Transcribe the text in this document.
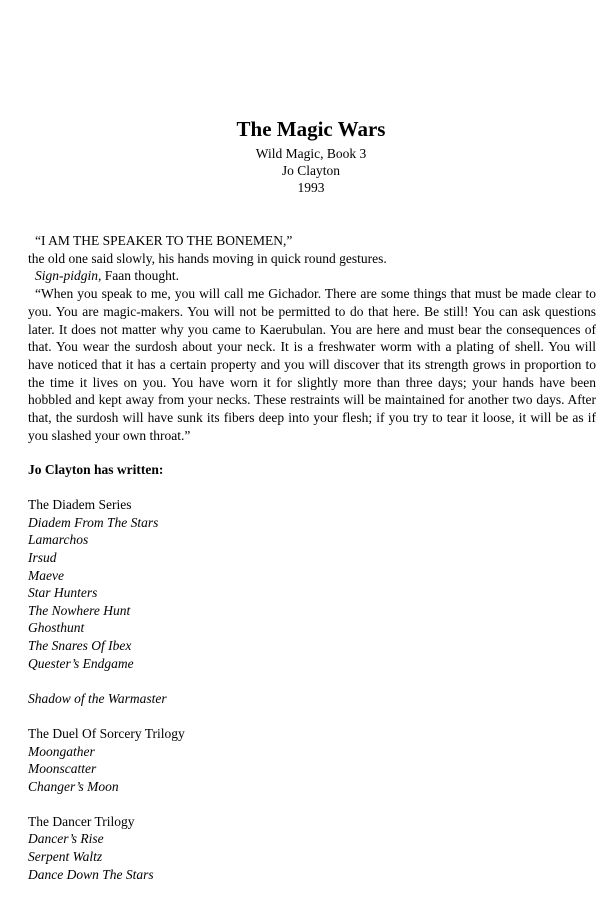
The Magic Wars
Wild Magic, Book 3
Jo Clayton
1993

“I AM THE SPEAKER TO THE BONEMEN,”

the old one said slowly, his hands moving in quick round gestures.

Sign-pidgin, Faan thought.

“When you speak to me, you will call me Gichador. There are some things that must be made clear to you. You are magic-makers. You will not be permitted to do that here. Be still! You can ask questions later. It does not matter why you came to Kaerubulan. You are here and must bear the consequences of that. You wear the surdosh about your neck. It is a freshwater worm with a plating of shell. You will have noticed that it has a certain property and you will discover that its strength grows in proportion to the time it lives on you. You have worn it for slightly more than three days; your hands have been hobbled and kept away from your necks. These restraints will be maintained for another two days. After that, the surdosh will have sunk its fibers deep into your flesh; if you try to tear it loose, it will be as if you slashed your own throat.”

Jo Clayton has written:
The Diadem Series
Diadem From The Stars
Lamarchos
Irsud
Maeve
Star Hunters
The Nowhere Hunt
Ghosthunt
The Snares Of Ibex
Quester’s Endgame
Shadow of the Warmaster
The Duel Of Sorcery Trilogy
Moongather
Moonscatter
Changer’s Moon
The Dancer Trilogy
Dancer’s Rise
Serpent Waltz
Dance Down The Stars
